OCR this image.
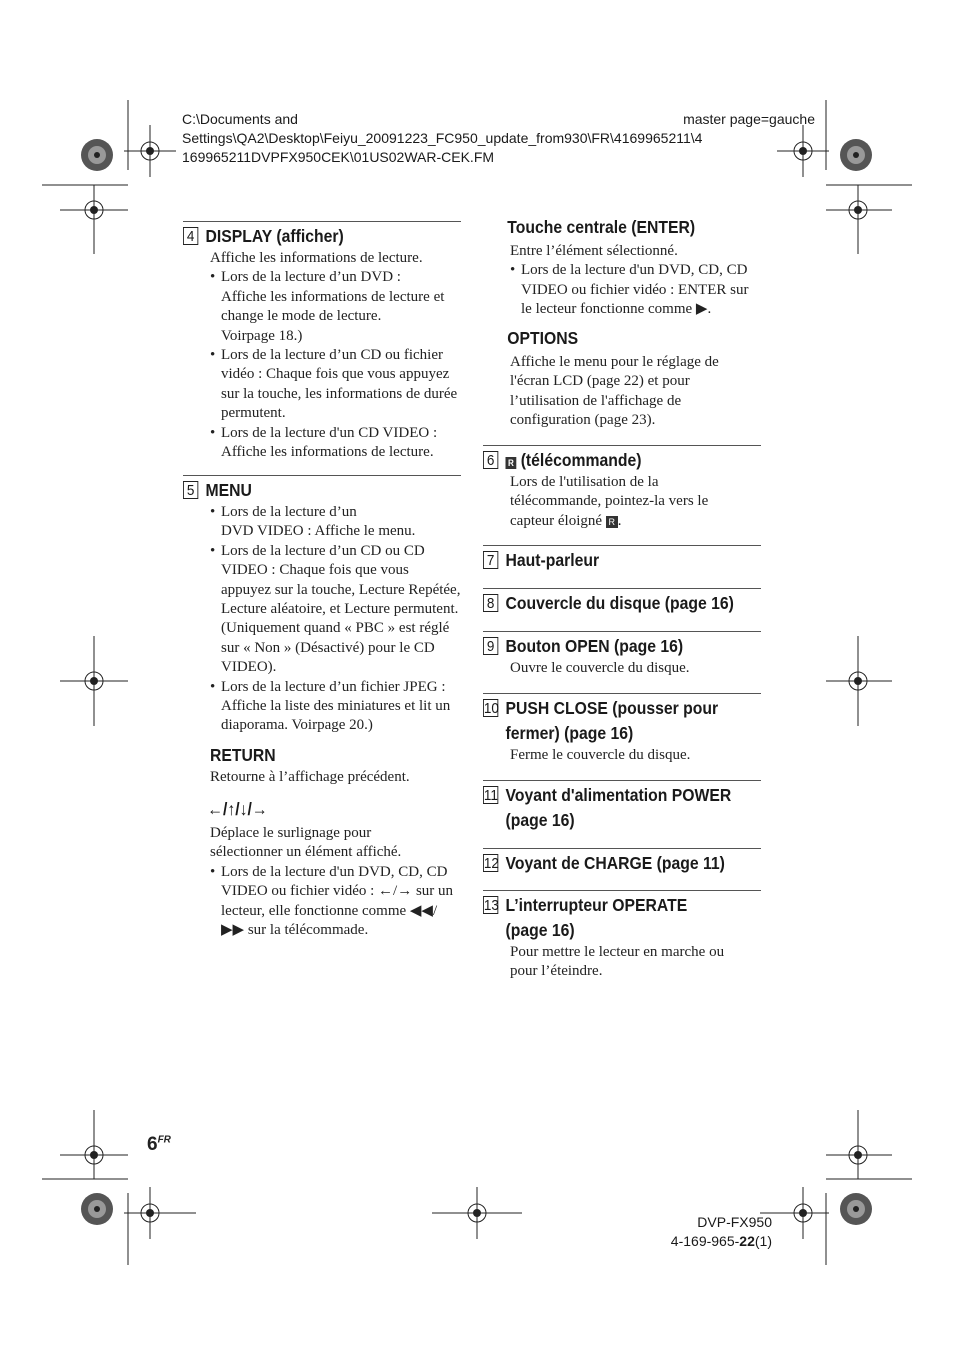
C:\Documents and
Settings\QA2\Desktop\Feiyu_20091223_FC950_update_from930\FR\4169965211\4
169965211DVPFX950CEK\01US02WAR-CEK.FM
master page=gauche
4 DISPLAY (afficher)
Affiche les informations de lecture.
• Lors de la lecture d’un DVD :
Affiche les informations de lecture et change le mode de lecture.
Voirpage 18.)
• Lors de la lecture d’un CD ou fichier vidéo : Chaque fois que vous appuyez sur la touche, les informations de durée permutent.
• Lors de la lecture d'un CD VIDEO :
Affiche les informations de lecture.
5 MENU
• Lors de la lecture d’un
DVD VIDEO : Affiche le menu.
• Lors de la lecture d’un CD ou CD VIDEO : Chaque fois que vous appuyez sur la touche, Lecture Repétée, Lecture aléatoire, et Lecture permutent. (Uniquement quand « PBC » est réglé sur « Non » (Désactivé) pour le CD VIDEO).
• Lors de la lecture d’un fichier JPEG :
Affiche la liste des miniatures et lit un diaporama. Voirpage 20.)
RETURN
Retourne à l’affichage précédent.
←/↑/↓/→
Déplace le surlignage pour
sélectionner un élément affiché.
• Lors de la lecture d'un DVD, CD, CD VIDEO ou fichier vidéo : ←/→ sur un lecteur, elle fonctionne comme ◀◀/
▶▶ sur la télécommade.
Touche centrale (ENTER)
Entre l’élément sélectionné.
• Lors de la lecture d'un DVD, CD, CD VIDEO ou fichier vidéo : ENTER sur le lecteur fonctionne comme ▶.
OPTIONS
Affiche le menu pour le réglage de
l'écran LCD (page 22) et pour
l’utilisation de l'affichage de
configuration (page 23).
6 R (télécommande)
Lors de l'utilisation de la
télécommande, pointez-la vers le
capteur éloigné R .
7 Haut-parleur
8 Couvercle du disque (page 16)
9 Bouton OPEN (page 16)
Ouvre le couvercle du disque.
10 PUSH CLOSE (pousser pour
fermer) (page 16)
Ferme le couvercle du disque.
11 Voyant d'alimentation POWER
(page 16)
12 Voyant de CHARGE (page 11)
13 L’interrupteur OPERATE
(page 16)
Pour mettre le lecteur en marche ou
pour l’éteindre.
$6^{FR}$
DVP-FX950
4-169-965-22(1)
